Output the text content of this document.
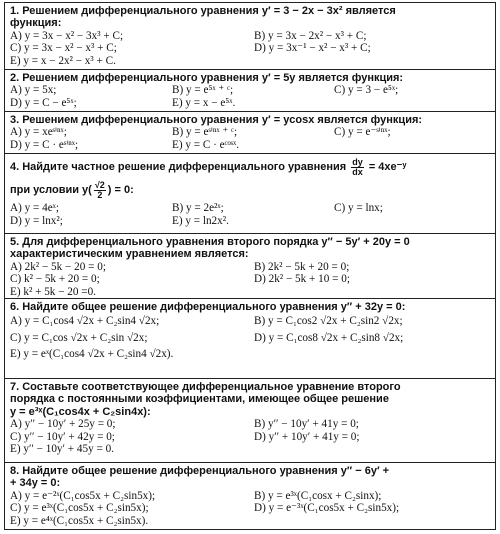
1. Решением дифференциального уравнения y′ = 3 − 2x − 3x² является
функция:
A) y = 3x − x² − 3x³ + C;	B) y = 3x − 2x² − x³ + C;
C) y = 3x − x² − x³ + C;	D) y = 3x⁻¹ − x² − x³ + C;
E) y = x − 2x² − x³ + C.
2. Решением дифференциального уравнения y′ = 5y является функция:
A) y = 5x;	B) y = e⁵ˣ ⁺ ᶜ;	C) y = 3 − e⁵ˣ;
D) y = C − e⁵ˣ;	E) y = x − e⁵ˣ.
3. Решением дифференциального уравнения y′ = ycosx является функция:
A) y = xeˢⁱⁿˣ;	B) y = eˢⁱⁿˣ ⁺ ᶜ;	C) y = e⁻ˢⁱⁿˣ;
D) y = C · eˢⁱⁿˣ;	E) y = C · eᶜᵒˢˣ.
4. Найдите частное решение дифференциального уравнения $\frac{dy}{dx}$ = 4xe⁻ʸ
при условии $y( \frac{√2}{2}$ ) = 0:
A) y = 4eˣ;	B) y = 2e²ˣ;	C) y = lnx;
D) y = lnx²;	E) y = ln2x².
5. Для дифференциального уравнения второго порядка y′′ − 5y′ + 20y = 0
характеристическим уравнением является:
A) 2k² − 5k − 20 = 0;	B) 2k² − 5k + 20 = 0;
C) k² − 5k + 20 = 0;	D) 2k² − 5k + 10 = 0;
E) k² + 5k − 20 =0.
6. Найдите общее решение дифференциального уравнения y′′ + 32y = 0:
A) y = C₁cos4 √2x + C₂sin4 √2x;	B) y = C₁cos2 √2x + C₂sin2 √2x;
C) y = C₁cos √2x + C₂sin √2x;	D) y = C₁cos8 √2x + C₂sin8 √2x;
E) y = eˣ(C₁cos4 √2x + C₂sin4 √2x).
7. Составьте соответствующее дифференциальное уравнение второго
порядка с постоянными коэффициентами, имеющее общее решение
y = e³ˣ(C₁cos4x + C₂sin4x):
A) y′′ − 10y′ + 25y = 0;	B) y′′ − 10y′ + 41y = 0;
C) y′′ − 10y′ + 42y = 0;	D) y′′ + 10y′ + 41y = 0;
E) y′′ − 10y′ + 45y = 0.
8. Найдите общее решение дифференциального уравнения y′′ − 6y′ +
+ 34y = 0:
A) y = e⁻²ˣ(C₁cos5x + C₂sin5x);	B) y = e³ˣ(C₁cosx + C₂sinx);
C) y = e³ˣ(C₁cos5x + C₂sin5x);	D) y = e⁻³ˣ(C₁cos5x + C₂sin5x);
E) y = e⁴ˣ(C₁cos5x + C₂sin5x).
